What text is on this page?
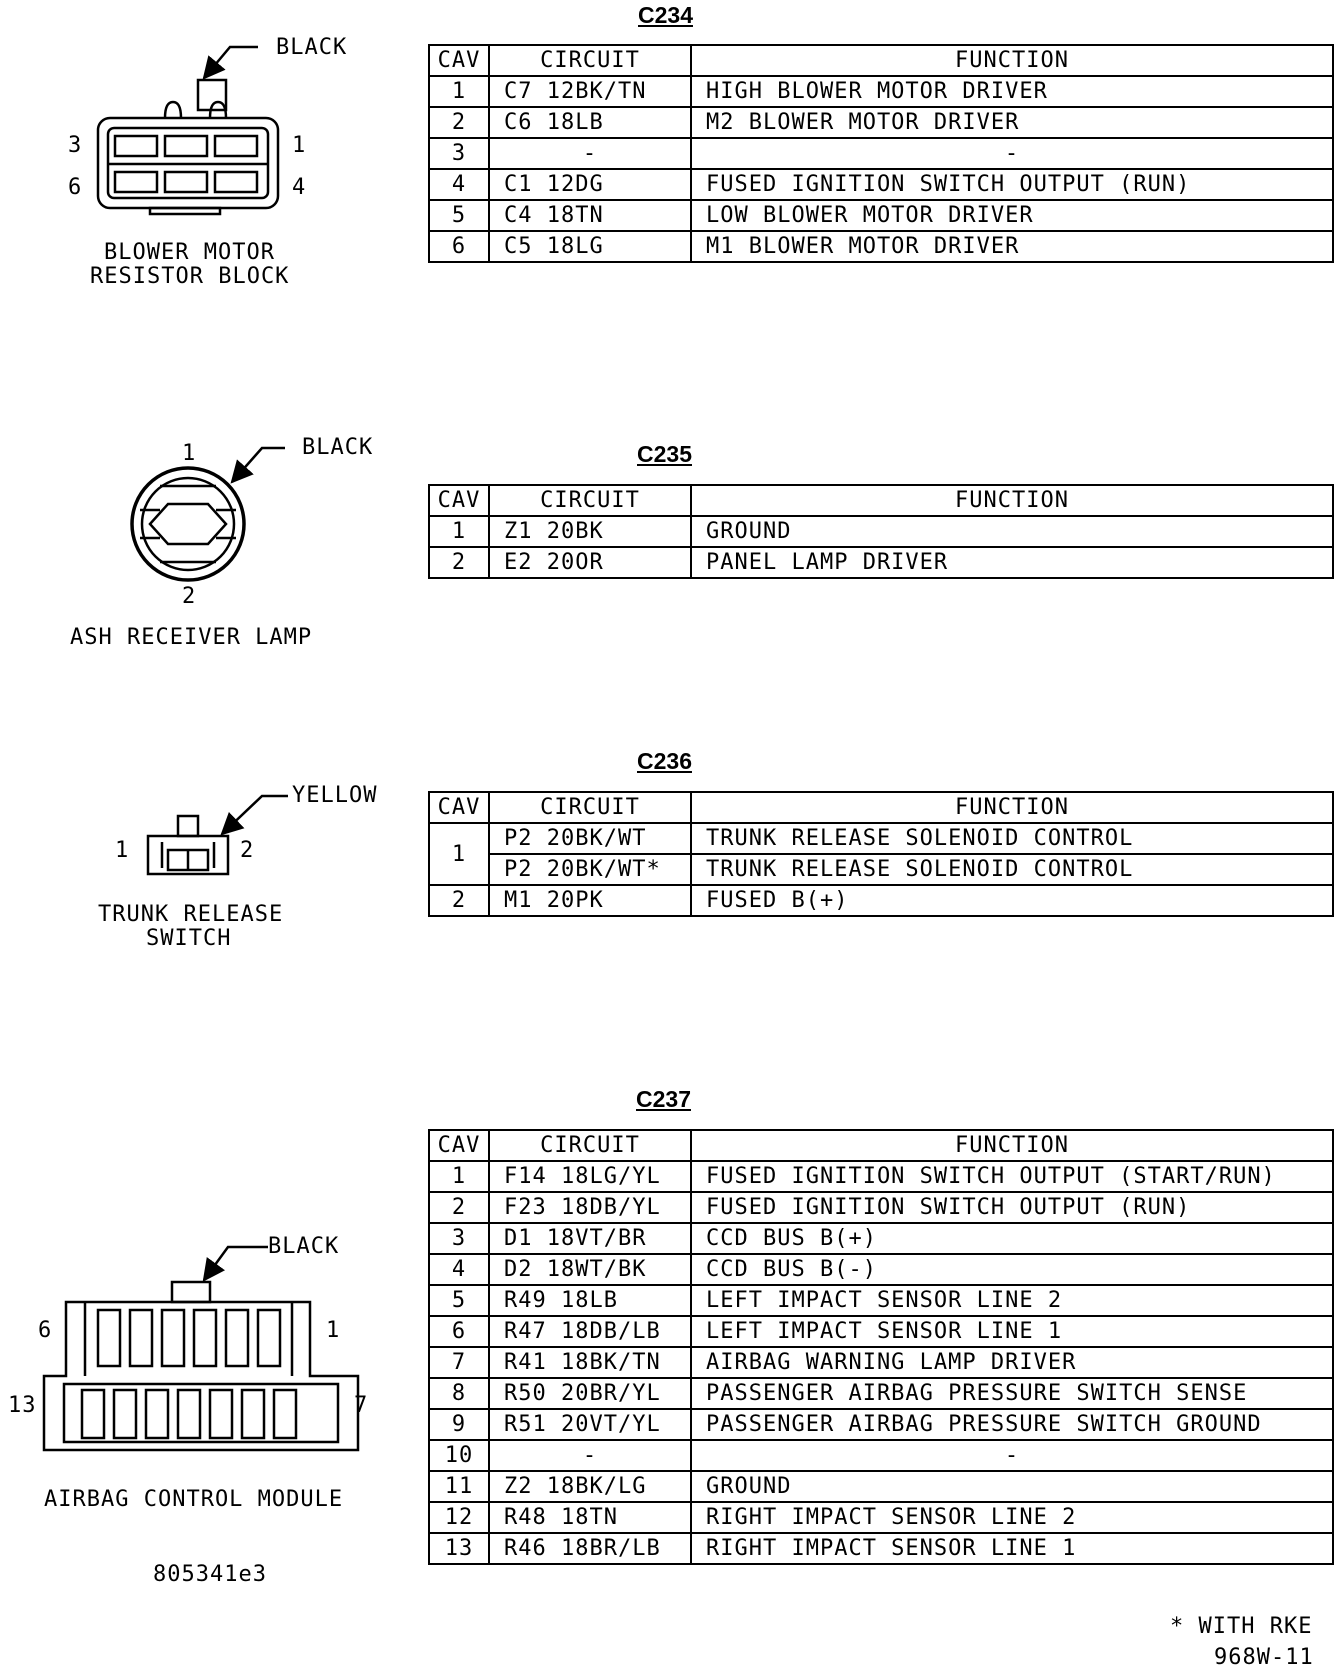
BLACK
3	1
6	4
BLOWER MOTOR
RESISTOR BLOCK
C234
CAV	CIRCUIT	FUNCTION
1	C7 12BK/TN	HIGH BLOWER MOTOR DRIVER
2	C6 18LB	M2 BLOWER MOTOR DRIVER
3	-	-
4	C1 12DG	FUSED IGNITION SWITCH OUTPUT (RUN)
5	C4 18TN	LOW BLOWER MOTOR DRIVER
6	C5 18LG	M1 BLOWER MOTOR DRIVER
BLACK
1
2
ASH RECEIVER LAMP
C235
CAV	CIRCUIT	FUNCTION
1	Z1 20BK	GROUND
2	E2 20OR	PANEL LAMP DRIVER
YELLOW
1	2
TRUNK RELEASE
SWITCH
C236
CAV	CIRCUIT	FUNCTION
1	P2 20BK/WT	TRUNK RELEASE SOLENOID CONTROL
	P2 20BK/WT*	TRUNK RELEASE SOLENOID CONTROL
2	M1 20PK	FUSED B(+)
BLACK
6	1
13	7
AIRBAG CONTROL MODULE
C237
CAV	CIRCUIT	FUNCTION
1	F14 18LG/YL	FUSED IGNITION SWITCH OUTPUT (START/RUN)
2	F23 18DB/YL	FUSED IGNITION SWITCH OUTPUT (RUN)
3	D1 18VT/BR	CCD BUS B(+)
4	D2 18WT/BK	CCD BUS B(-)
5	R49 18LB	LEFT IMPACT SENSOR LINE 2
6	R47 18DB/LB	LEFT IMPACT SENSOR LINE 1
7	R41 18BK/TN	AIRBAG WARNING LAMP DRIVER
8	R50 20BR/YL	PASSENGER AIRBAG PRESSURE SWITCH SENSE
9	R51 20VT/YL	PASSENGER AIRBAG PRESSURE SWITCH GROUND
10	-	-
11	Z2 18BK/LG	GROUND
12	R48 18TN	RIGHT IMPACT SENSOR LINE 2
13	R46 18BR/LB	RIGHT IMPACT SENSOR LINE 1
805341e3
* WITH RKE
968W-11
